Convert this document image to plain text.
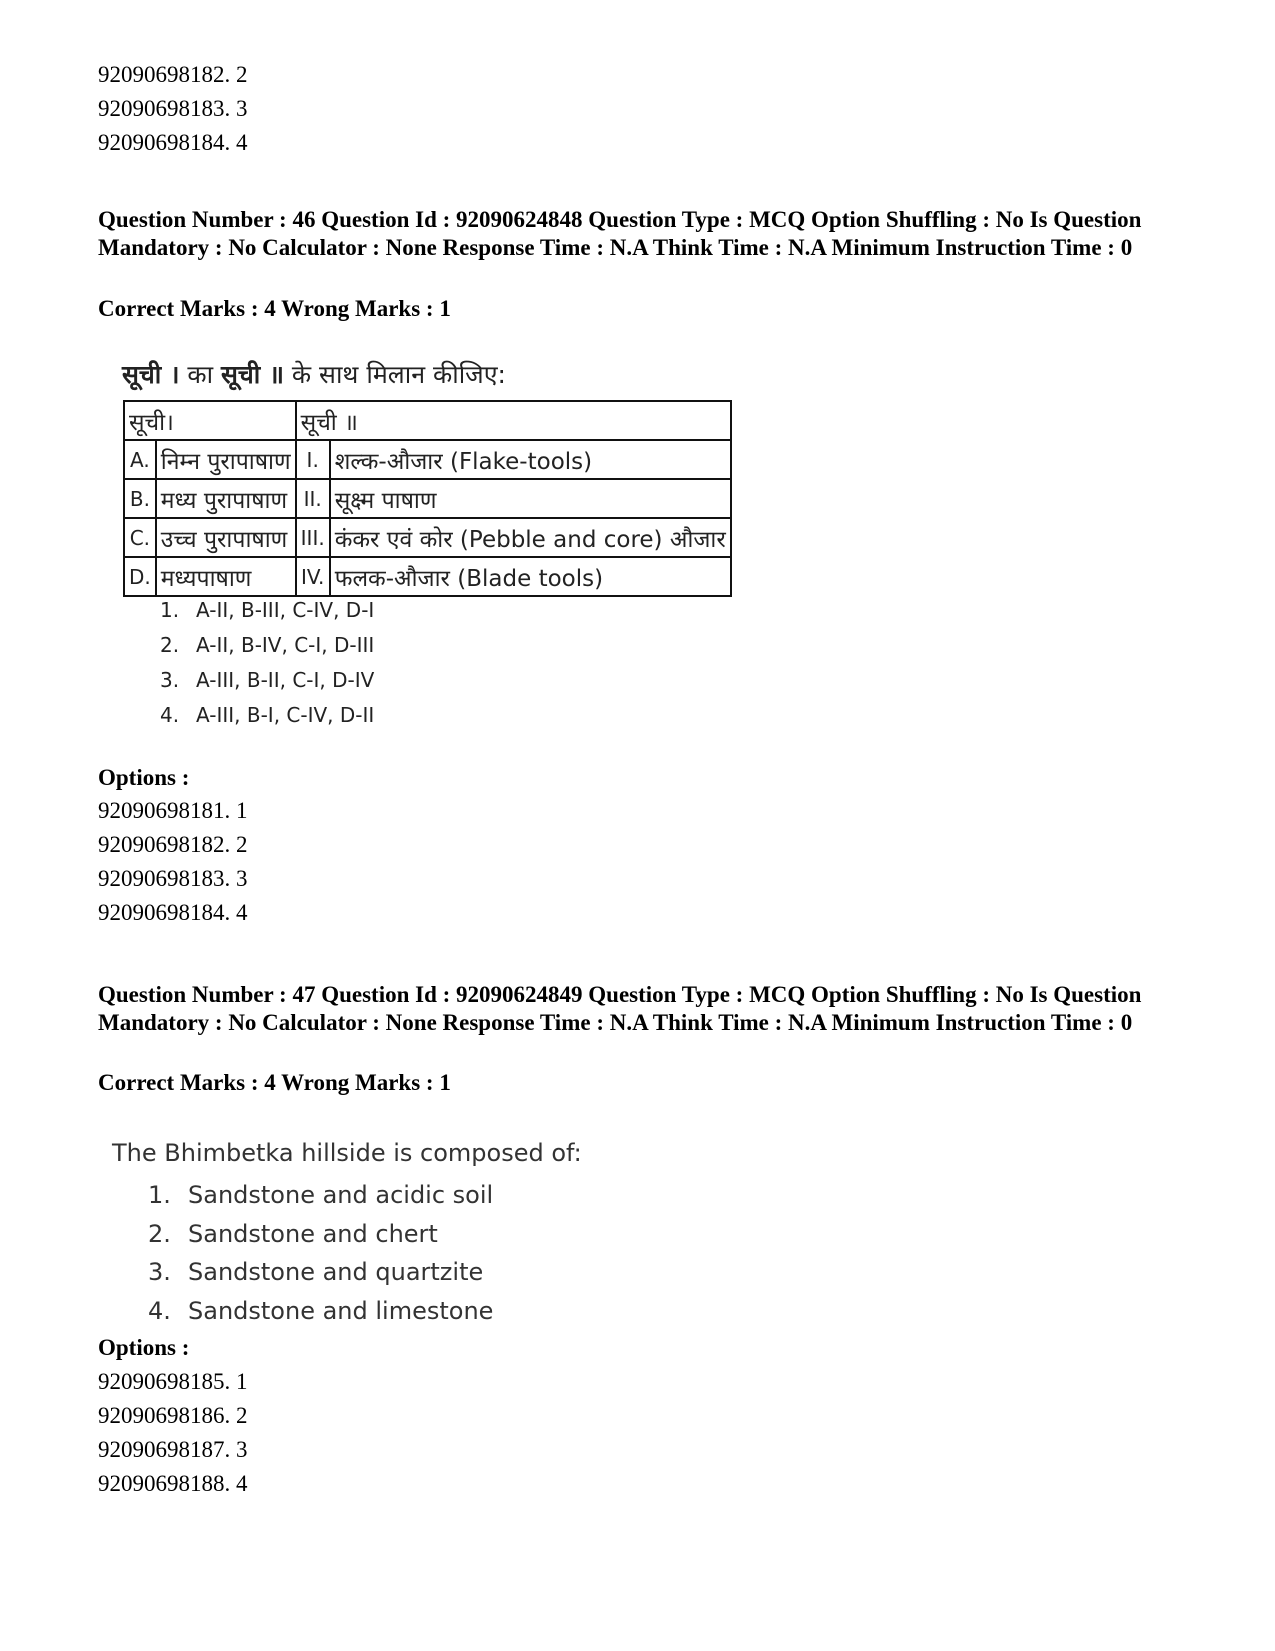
92090698182. 2
92090698183. 3
92090698184. 4
Question Number : 46 Question Id : 92090624848 Question Type : MCQ Option Shuffling : No Is Question Mandatory : No Calculator : None Response Time : N.A Think Time : N.A Minimum Instruction Time : 0
Correct Marks : 4 Wrong Marks : 1
सूची । का सूची ॥ के साथ मिलान कीजिए:
सूची।		सूची ॥	
A.	निम्न पुरापाषाण	I.	शल्क-औजार (Flake-tools)
B.	मध्य पुरापाषाण	II.	सूक्ष्म पाषाण
C.	उच्च पुरापाषाण	III.	कंकर एवं कोर (Pebble and core) औजार
D.	मध्यपाषाण	IV.	फलक-औजार (Blade tools)
1. A-II, B-III, C-IV, D-I
2. A-II, B-IV, C-I, D-III
3. A-III, B-II, C-I, D-IV
4. A-III, B-I, C-IV, D-II
Options :
92090698181. 1
92090698182. 2
92090698183. 3
92090698184. 4
Question Number : 47 Question Id : 92090624849 Question Type : MCQ Option Shuffling : No Is Question Mandatory : No Calculator : None Response Time : N.A Think Time : N.A Minimum Instruction Time : 0
Correct Marks : 4 Wrong Marks : 1
The Bhimbetka hillside is composed of:
1. Sandstone and acidic soil
2. Sandstone and chert
3. Sandstone and quartzite
4. Sandstone and limestone
Options :
92090698185. 1
92090698186. 2
92090698187. 3
92090698188. 4
